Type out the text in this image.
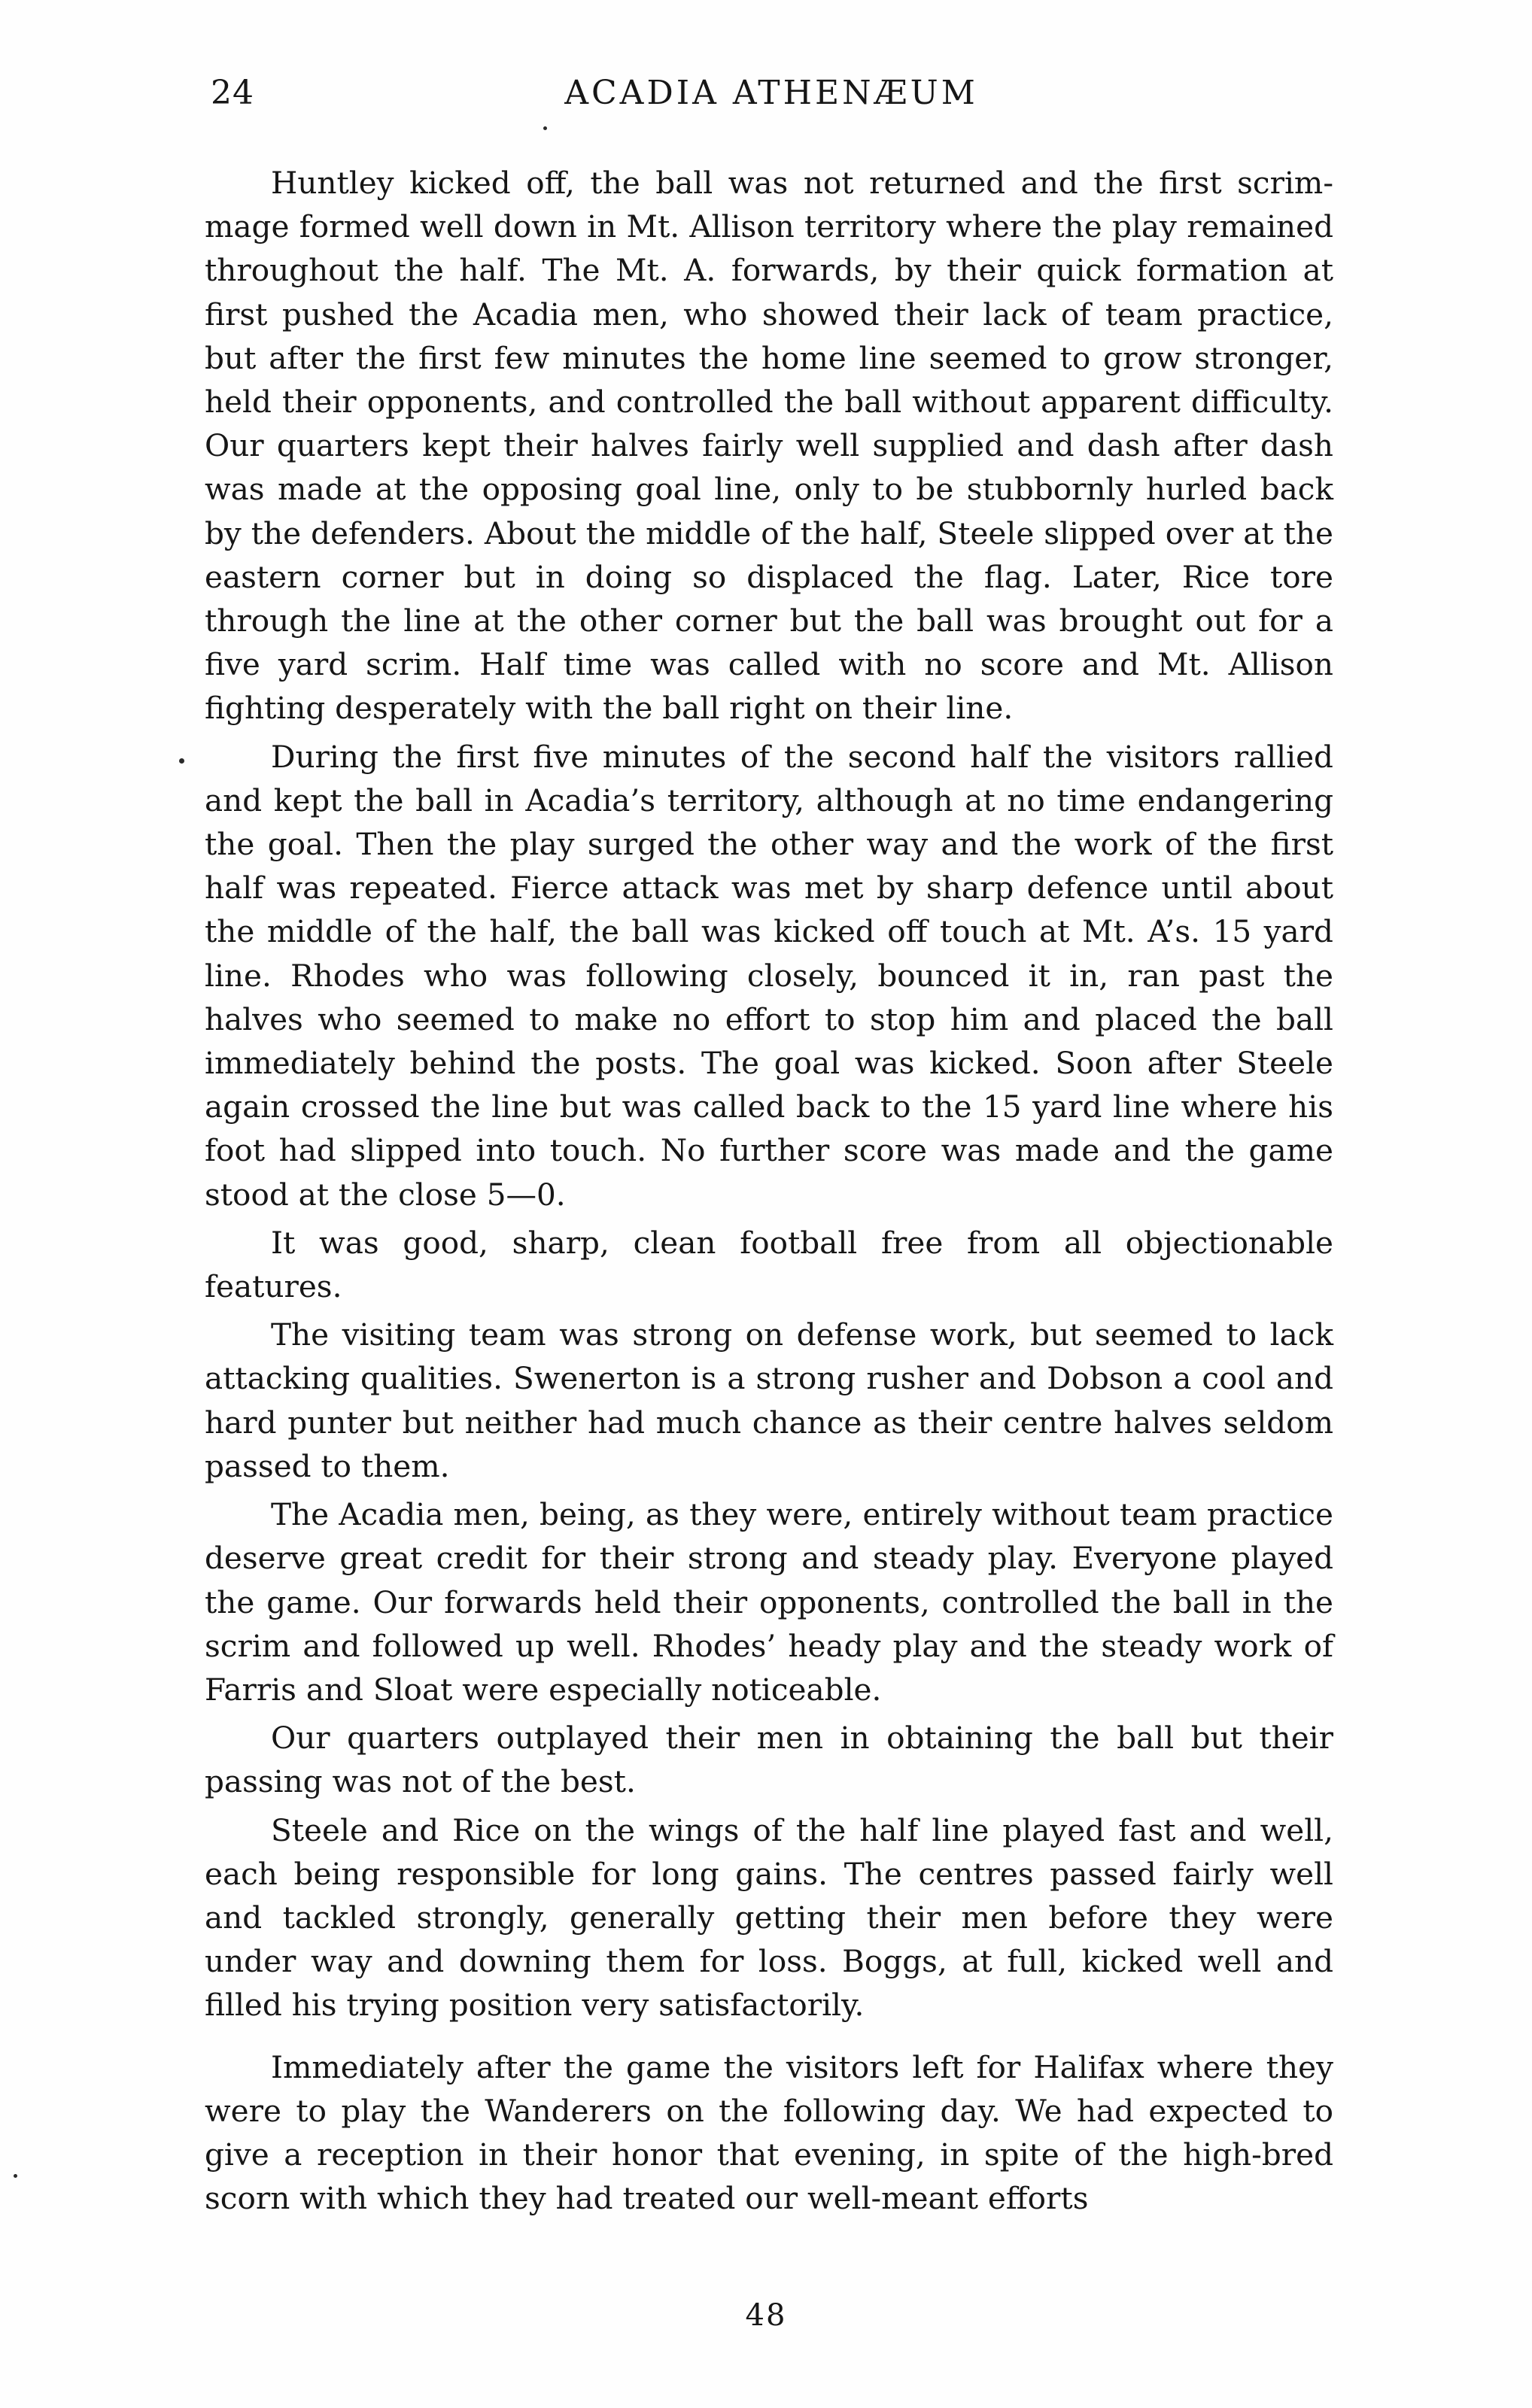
24	ACADIA ATHENÆUM

Huntley kicked off, the ball was not returned and the first scrimmage formed well down in Mt. Allison territory where the play remained throughout the half. The Mt. A. forwards, by their quick formation at first pushed the Acadia men, who showed their lack of team practice, but after the first few minutes the home line seemed to grow stronger, held their opponents, and controlled the ball without apparent difficulty. Our quarters kept their halves fairly well supplied and dash after dash was made at the opposing goal line, only to be stubbornly hurled back by the defenders. About the middle of the half, Steele slipped over at the eastern corner but in doing so displaced the flag. Later, Rice tore through the line at the other corner but the ball was brought out for a five yard scrim. Half time was called with no score and Mt. Allison fighting desperately with the ball right on their line.

During the first five minutes of the second half the visitors rallied and kept the ball in Acadia’s territory, although at no time endangering the goal. Then the play surged the other way and the work of the first half was repeated. Fierce attack was met by sharp defence until about the middle of the half, the ball was kicked off touch at Mt. A’s. 15 yard line. Rhodes who was following closely, bounced it in, ran past the halves who seemed to make no effort to stop him and placed the ball immediately behind the posts. The goal was kicked. Soon after Steele again crossed the line but was called back to the 15 yard line where his foot had slipped into touch. No further score was made and the game stood at the close 5—0.

It was good, sharp, clean football free from all objectionable features.

The visiting team was strong on defense work, but seemed to lack attacking qualities. Swenerton is a strong rusher and Dobson a cool and hard punter but neither had much chance as their centre halves seldom passed to them.

The Acadia men, being, as they were, entirely without team practice deserve great credit for their strong and steady play. Everyone played the game. Our forwards held their opponents, controlled the ball in the scrim and followed up well. Rhodes’ heady play and the steady work of Farris and Sloat were especially noticeable.

Our quarters outplayed their men in obtaining the ball but their passing was not of the best.

Steele and Rice on the wings of the half line played fast and well, each being responsible for long gains. The centres passed fairly well and tackled strongly, generally getting their men before they were under way and downing them for loss. Boggs, at full, kicked well and filled his trying position very satisfactorily.

Immediately after the game the visitors left for Halifax where they were to play the Wanderers on the following day. We had expected to give a reception in their honor that evening, in spite of the high-bred scorn with which they had treated our well-meant efforts

48
